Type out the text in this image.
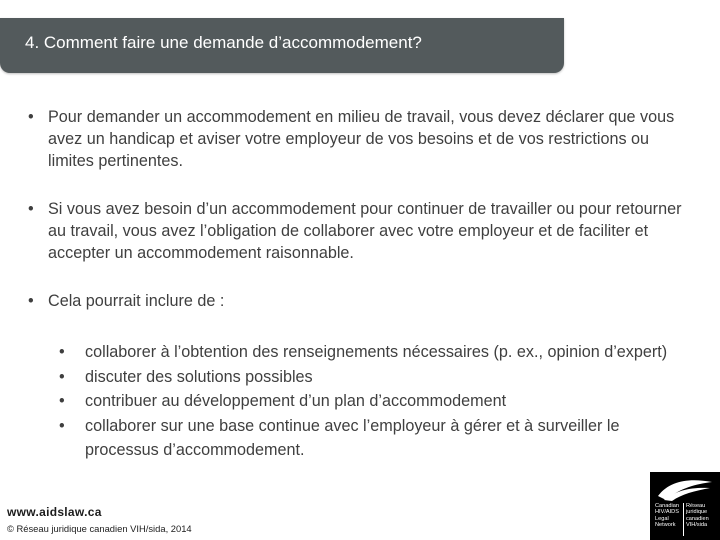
4. Comment faire une demande d’accommodement?
• Pour demander un accommodement en milieu de travail, vous devez déclarer que vous avez un handicap et aviser votre employeur de vos besoins et de vos restrictions ou limites pertinentes.
• Si vous avez besoin d’un accommodement pour continuer de travailler ou pour retourner au travail, vous avez l’obligation de collaborer avec votre employeur et de faciliter et accepter un accommodement raisonnable.
• Cela pourrait inclure de :
• collaborer à l’obtention des renseignements nécessaires (p. ex., opinion d’expert)
• discuter des solutions possibles
• contribuer au développement d’un plan d’accommodement
• collaborer sur une base continue avec l’employeur à gérer et à surveiller le processus d’accommodement.
www.aidslaw.ca
© Réseau juridique canadien VIH/sida, 2014
Canadian
HIV/AIDS
Legal
Network
Réseau
juridique
canadien
VIH/sida
